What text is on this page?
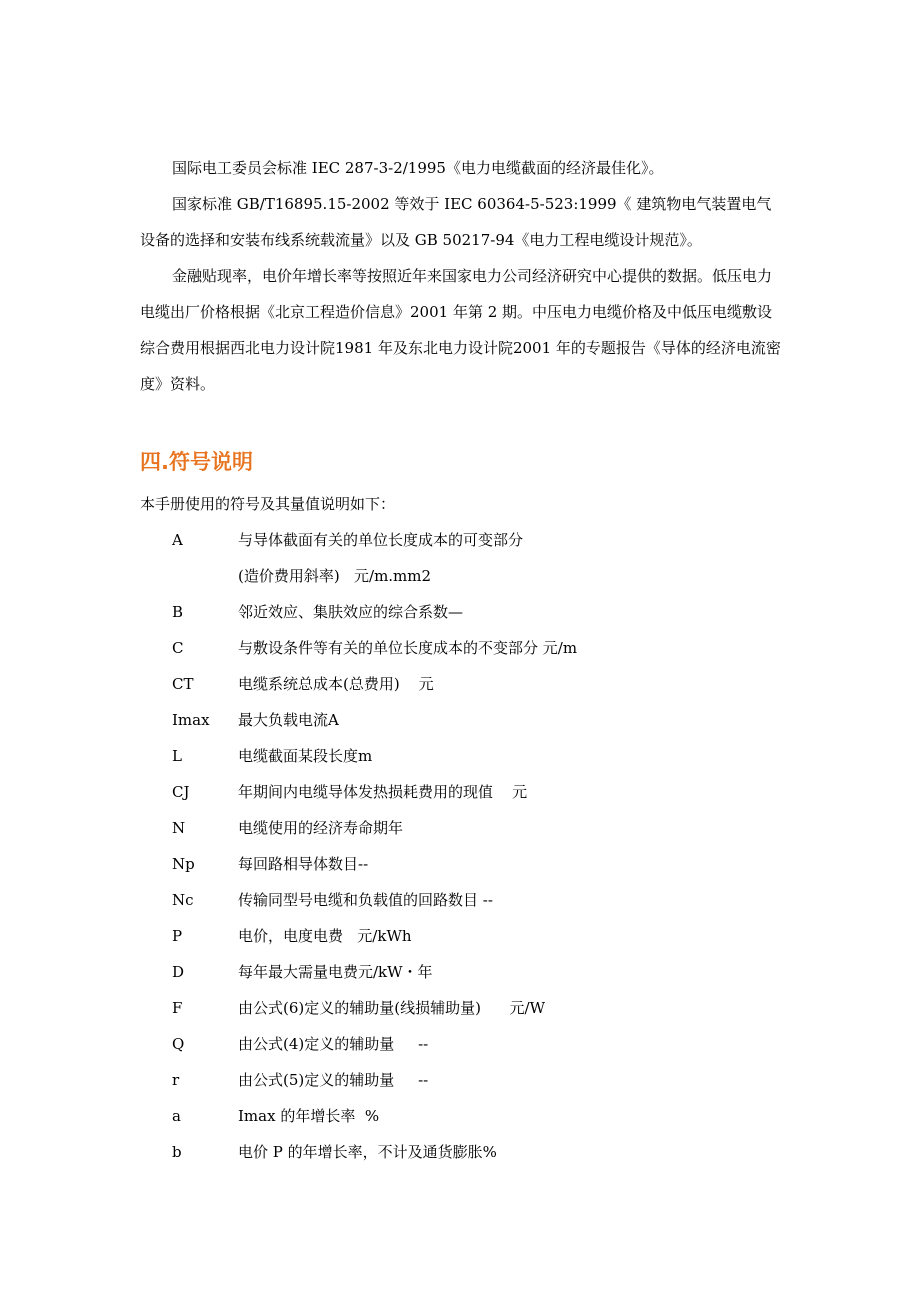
国际电工委员会标准 IEC 287-3-2/1995《电力电缆截面的经济最佳化》。

国家标准 GB/T16895.15-2002 等效于 IEC 60364-5-523:1999《 建筑物电气装置电气设备的选择和安装布线系统载流量》以及 GB 50217-94《电力工程电缆设计规范》。

金融贴现率，电价年增长率等按照近年来国家电力公司经济研究中心提供的数据。低压电力电缆出厂价格根据《北京工程造价信息》2001 年第 2 期。中压电力电缆价格及中低压电缆敷设综合费用根据西北电力设计院1981 年及东北电力设计院2001 年的专题报告《导体的经济电流密度》资料。

四.符号说明

本手册使用的符号及其量值说明如下：

A	与导体截面有关的单位长度成本的可变部分
(造价费用斜率)   元/m.mm2
B	邻近效应、集肤效应的综合系数—
C	与敷设条件等有关的单位长度成本的不变部分 元/m
CT	电缆系统总成本(总费用)    元
Imax	最大负载电流A
L	电缆截面某段长度m
CJ	年期间内电缆导体发热损耗费用的现值    元
N	电缆使用的经济寿命期年
Np	每回路相导体数目--
Nc	传输同型号电缆和负载值的回路数目 --
P	电价，电度电费   元/kWh
D	每年最大需量电费元/kW・年
F	由公式(6)定义的辅助量(线损辅助量)      元/W
Q	由公式(4)定义的辅助量     --
r	由公式(5)定义的辅助量     --
a	Imax 的年增长率  %
b	电价 P 的年增长率，不计及通货膨胀%
